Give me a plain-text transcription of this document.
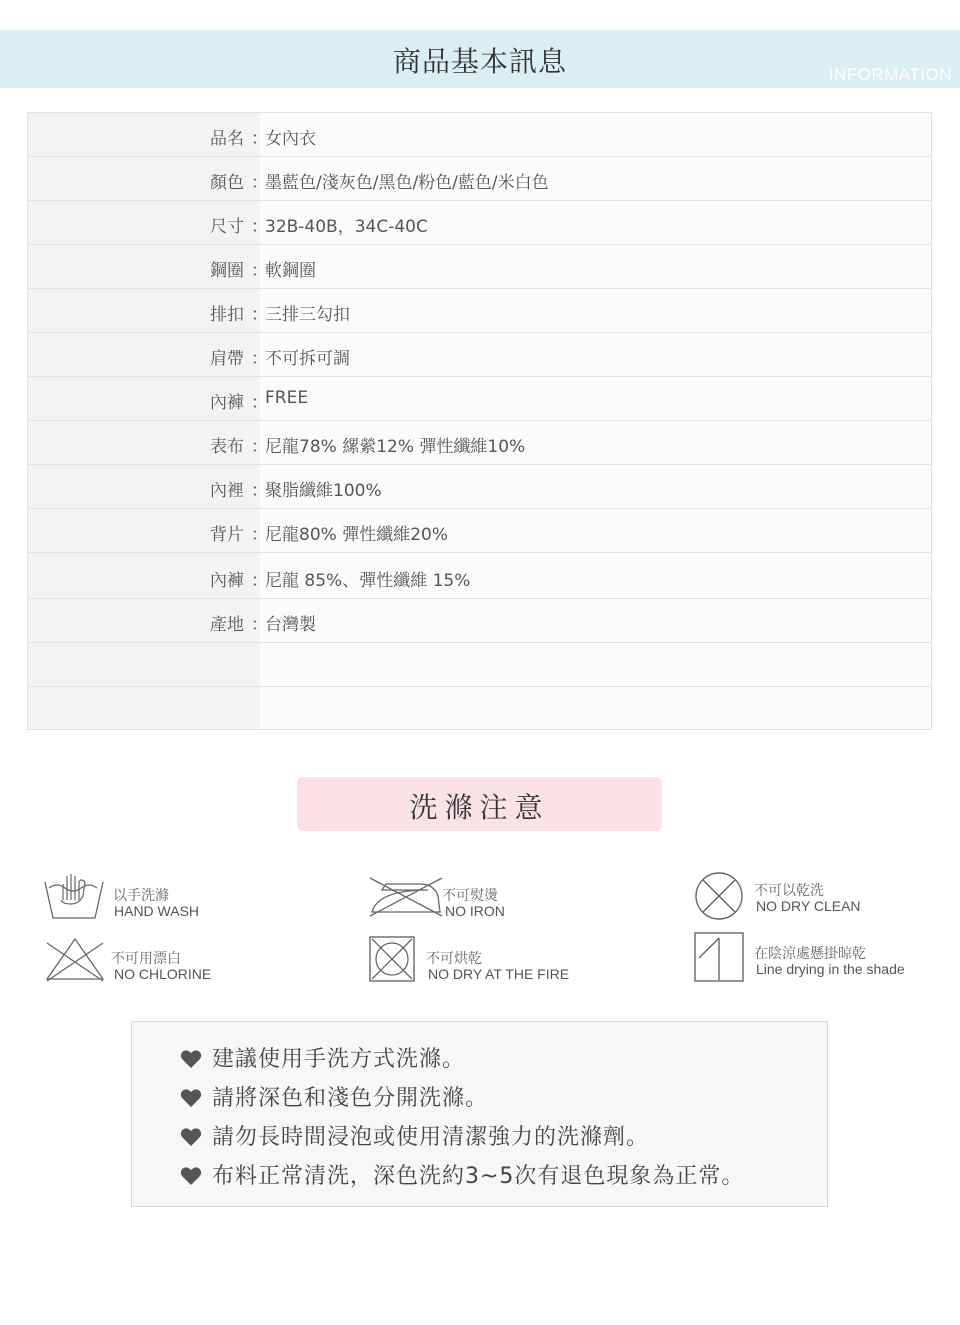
商品基本訊息	INFORMATION
品名 ：
女內衣
顏色 ：
墨藍色/淺灰色/黑色/粉色/藍色/米白色
尺寸 ：
32B-40B，34C-40C
鋼圈 ：
軟鋼圈
排扣 ：
三排三勾扣
肩帶 ：
不可拆可調
內褲 ：
FREE
表布 ：
尼龍78% 縲縈12% 彈性纖維10%
內裡 ：
聚脂纖維100%
背片 ：
尼龍80% 彈性纖維20%
內褲 ：
尼龍 85%、彈性纖維 15%
產地 ：
台灣製
洗滌注意
以手洗滌
HAND WASH
不可熨燙
NO IRON
不可以乾洗
NO DRY CLEAN
不可用漂白
NO CHLORINE
不可烘乾
NO DRY AT THE FIRE
在陰涼處懸掛晾乾
Line drying in the shade
建議使用手洗方式洗滌。
請將深色和淺色分開洗滌。
請勿長時間浸泡或使用清潔強力的洗滌劑。
布料正常清洗，深色洗約3~5次有退色現象為正常。
